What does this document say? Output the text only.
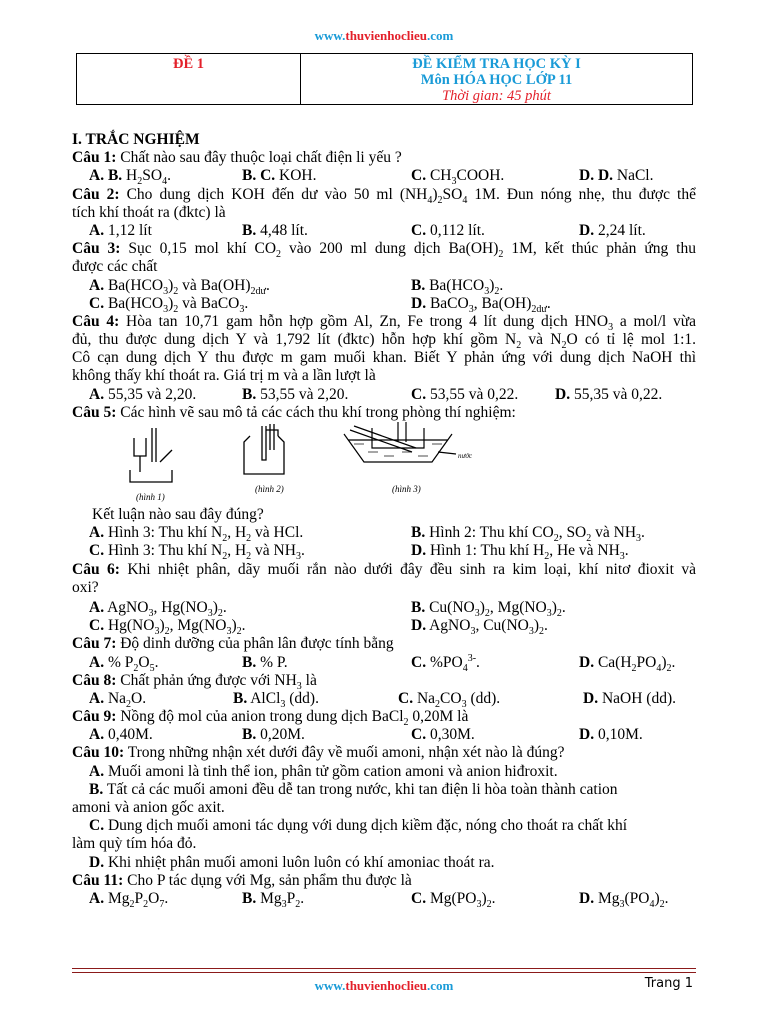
www.thuvienhoclieu.com
ĐỀ 1	ĐỀ KIỂM TRA HỌC KỲ I
Môn HÓA HỌC LỚP 11
Thời gian: 45 phút
I. TRẮC NGHIỆM
Câu 1: Chất nào sau đây thuộc loại chất điện li yếu ?
A. B. $H_2SO_4$.	B. C. KOH.	C. $CH_3COOH$.	D. D. NaCl.
Câu 2: Cho dung dịch KOH đến dư vào 50 ml $(NH_4)_2SO_4$ 1M. Đun nóng nhẹ, thu được thể
tích khí thoát ra (đktc) là
A. 1,12 lít	B. 4,48 lít.	C. 0,112 lít.	D. 2,24 lít.
Câu 3: Sục 0,15 mol khí $CO_2$ vào 200 ml dung dịch $Ba(OH)_2$ 1M, kết thúc phản ứng thu
được các chất
A. $Ba(HCO_3)_2$ và $Ba(OH)_{2dư}$.	B. $Ba(HCO_3)_2$.
C. $Ba(HCO_3)_2$ và BaCO$_3$.	D. BaCO$_3$, $Ba(OH)_{2dư}$.
Câu 4: Hòa tan 10,71 gam hỗn hợp gồm Al, Zn, Fe trong 4 lít dung dịch $HNO_3$ a mol/l vừa
đủ, thu được dung dịch Y và 1,792 lít (đktc) hỗn hợp khí gồm $N_2$ và $N_2O$ có tỉ lệ mol 1:1.
Cô cạn dung dịch Y thu được m gam muối khan. Biết Y phản ứng với dung dịch NaOH thì
không thấy khí thoát ra. Giá trị m và a lần lượt là
A. 55,35 và 2,20.	B. 53,55 và 2,20.	C. 53,55 và 0,22. D. 55,35 và 0,22.
Câu 5: Các hình vẽ sau mô tả các cách thu khí trong phòng thí nghiệm:
(hình 1)
(hình 2)
nước
(hình 3)
Kết luận nào sau đây đúng?
A. Hình 3: Thu khí $N_2$, $H_2$ và HCl.	B. Hình 2: Thu khí $CO_2$, $SO_2$ và $NH_3$.
C. Hình 3: Thu khí $N_2$, $H_2$ và $NH_3$.	D. Hình 1: Thu khí $H_2$, He và $NH_3$.
Câu 6: Khi nhiệt phân, dãy muối rắn nào dưới đây đều sinh ra kim loại, khí nitơ đioxit và
oxi?
A. AgNO$_3$, $Hg(NO_3)_2$.	B. $Cu(NO_3)_2$, $Mg(NO_3)_2$.
C. $Hg(NO_3)_2$, $Mg(NO_3)_2$.	D. AgNO$_3$, $Cu(NO_3)_2$.
Câu 7: Độ dinh dưỡng của phân lân được tính bằng
A. % $P_2O_5$.	B. % P.	C. $\%PO_4^{3-}$.	D. $Ca(H_2PO_4)_2$.
Câu 8: Chất phản ứng được với $NH_3$ là
A. $Na_2O$.	B. AlCl$_3$ (dd).	C. $Na_2CO_3$ (dd).	D. NaOH (dd).
Câu 9: Nồng độ mol của anion trong dung dịch BaCl$_2$ 0,20M là
A. 0,40M.	B. 0,20M.	C. 0,30M.	D. 0,10M.
Câu 10: Trong những nhận xét dưới đây về muối amoni, nhận xét nào là đúng?
A. Muối amoni là tinh thể ion, phân tử gồm cation amoni và anion hiđroxit.
B. Tất cả các muối amoni đều dễ tan trong nước, khi tan điện li hòa toàn thành cation
amoni và anion gốc axit.
C. Dung dịch muối amoni tác dụng với dung dịch kiềm đặc, nóng cho thoát ra chất khí
làm quỳ tím hóa đỏ.
D. Khi nhiệt phân muối amoni luôn luôn có khí amoniac thoát ra.
Câu 11: Cho P tác dụng với Mg, sản phẩm thu được là
A. $Mg_2P_2O_7$.	B. $Mg_3P_2$.	C. $Mg(PO_3)_2$.	D. $Mg_3(PO_4)_2$.
www.thuvienhoclieu.com	Trang 1
